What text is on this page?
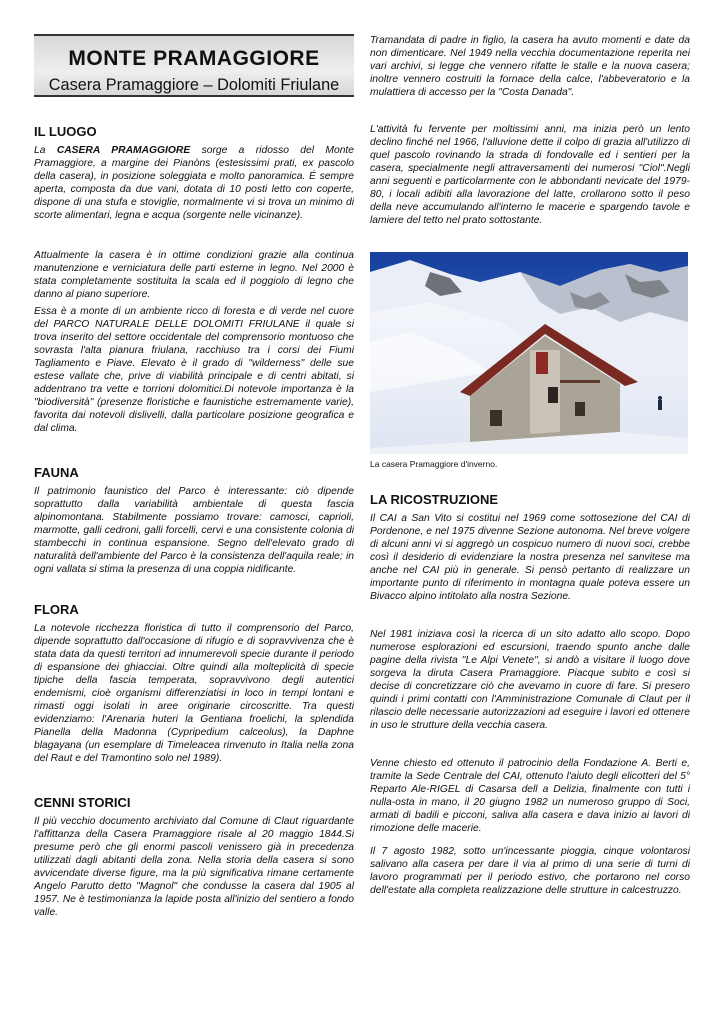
MONTE PRAMAGGIORE
Casera Pramaggiore – Dolomiti Friulane
IL LUOGO

La CASERA PRAMAGGIORE sorge a ridosso del Monte Pramaggiore, a margine dei Pianòns (estesissimi prati, ex pascolo della casera), in posizione soleggiata e molto panoramica. É sempre aperta, composta da due vani, dotata di 10 posti letto con coperte, dispone di una stufa e stoviglie, normalmente vi si trova un minimo di scorte alimentari, legna e acqua (sorgente nelle vicinanze).

Attualmente la casera è in ottime condizioni grazie alla continua manutenzione e verniciatura delle parti esterne in legno. Nel 2000 è stata completamente sostituita la scala ed il poggiolo di legno che danno al piano superiore.

Essa è a monte di un ambiente ricco di foresta e di verde nel cuore del PARCO NATURALE DELLE DOLOMITI FRIULANE il quale si trova inserito del settore occidentale del comprensorio montuoso che sovrasta l'alta pianura friulana, racchiuso tra i corsi dei Fiumi Tagliamento e Piave. Elevato è il grado di "wilderness" delle sue estese vallate che, prive di viabilità principale e di centri abitati, si addentrano tra vette e torrioni dolomitici.Di notevole importanza è la "biodiversità" (presenze floristiche e faunistiche estremamente varie), favorita dai notevoli dislivelli, dalla particolare posizione geografica e dal clima.

FAUNA

Il patrimonio faunistico del Parco è interessante: ciò dipende soprattutto dalla variabilità ambientale di questa fascia alpinomontana. Stabilmente possiamo trovare: camosci, caprioli, marmotte, galli cedroni, galli forcelli, cervi e una consistente colonia di stambecchi in continua espansione. Segno dell'elevato grado di naturalità dell'ambiente del Parco è la consistenza dell'aquila reale; in ogni vallata si stima la presenza di una coppia nidificante.

FLORA

La notevole ricchezza floristica di tutto il comprensorio del Parco, dipende soprattutto dall'occasione di rifugio e di sopravvivenza che è stata data da questi territori ad innumerevoli specie durante il periodo di espansione dei ghiacciai. Oltre quindi alla molteplicità di specie tipiche della fascia temperata, sopravvivono degli autentici endemismi, cioè organismi differenziatisi in loco in tempi lontani e rimasti oggi isolati in aree originarie circoscritte. Tra questi evidenziamo: l'Arenaria huteri la Gentiana froelichi, la splendida Pianella della Madonna (Cypripedium calceolus), la Daphne blagayana (un esemplare di Timeleacea rinvenuto in Italia nella zona del Raut e del Tramontino solo nel 1989).

CENNI STORICI

Il più vecchio documento archiviato dal Comune di Claut riguardante l'affittanza della Casera Pramaggiore risale al 20 maggio 1844.Si presume però che gli enormi pascoli venissero già in precedenza utilizzati dagli abitanti della zona. Nella storia della casera si sono avvicendate diverse figure, ma la più significativa rimane certamente Angelo Parutto detto "Magnol" che condusse la casera dal 1905 al 1957. Ne è testimonianza la lapide posta all'inizio del sentiero a fondo valle.

Tramandata di padre in figlio, la casera ha avuto momenti e date da non dimenticare. Nel 1949 nella vecchia documentazione reperita nei vari archivi, si legge che vennero rifatte le stalle e la nuova casera; inoltre vennero costruiti la fornace della calce, l'abbeveratorio e la mulattiera di accesso per la "Costa Danada".

L'attività fu fervente per moltissimi anni, ma inizia però un lento declino finché nel 1966, l'alluvione dette il colpo di grazia all'utilizzo di quel pascolo rovinando la strada di fondovalle ed i sentieri per la casera, specialmente negli attraversamenti dei numerosi "Ciol".Negli anni seguenti e particolarmente con le abbondanti nevicate del 1979-80, i locali adibiti alla lavorazione del latte, crollarono sotto il peso della neve accumulando all'interno le macerie e spargendo tavole e lamiere del tetto nel prato sottostante.

La casera Pramaggiore d'inverno.
LA RICOSTRUZIONE

Il CAI a San Vito si costitui nel 1969 come sottosezione del CAI di Pordenone, e nel 1975 divenne Sezione autonoma. Nel breve volgere di alcuni anni vi si aggregò un cospicuo numero di nuovi soci, crebbe così il desiderio di evidenziare la nostra presenza nel sanvitese ma anche nel CAI più in generale. Si pensò pertanto di realizzare un importante punto di riferimento in montagna quale poteva essere un Bivacco alpino intitolato alla nostra Sezione.

Nel 1981 iniziava così la ricerca di un sito adatto allo scopo. Dopo numerose esplorazioni ed escursioni, traendo spunto anche dalle pagine della rivista "Le Alpi Venete", si andò a visitare il luogo dove sorgeva la diruta Casera Pramaggiore. Piacque subito e così si decise di concretizzare ciò che avevamo in cuore di fare. Si presero quindi i primi contatti con l'Amministrazione Comunale di Claut per il rilascio delle necessarie autorizzazioni ad eseguire i lavori ed ottenere in uso le strutture della vecchia casera.

Venne chiesto ed ottenuto il patrocinio della Fondazione A. Berti e, tramite la Sede Centrale del CAI, ottenuto l'aiuto degli elicotteri del 5° Reparto Ale-RIGEL di Casarsa dell a Delizia, finalmente con tutti i nulla-osta in mano, il 20 giugno 1982 un numeroso gruppo di Soci, armati di badili e picconi, saliva alla casera e dava inizio ai lavori di rimozione delle macerie.

Il 7 agosto 1982, sotto un'incessante pioggia, cinque volontarosi salivano alla casera per dare il via al primo di una serie di turni di lavoro programmati per il periodo estivo, che portarono nel corso dell'estate alla completa realizzazione delle strutture in calcestruzzo.
